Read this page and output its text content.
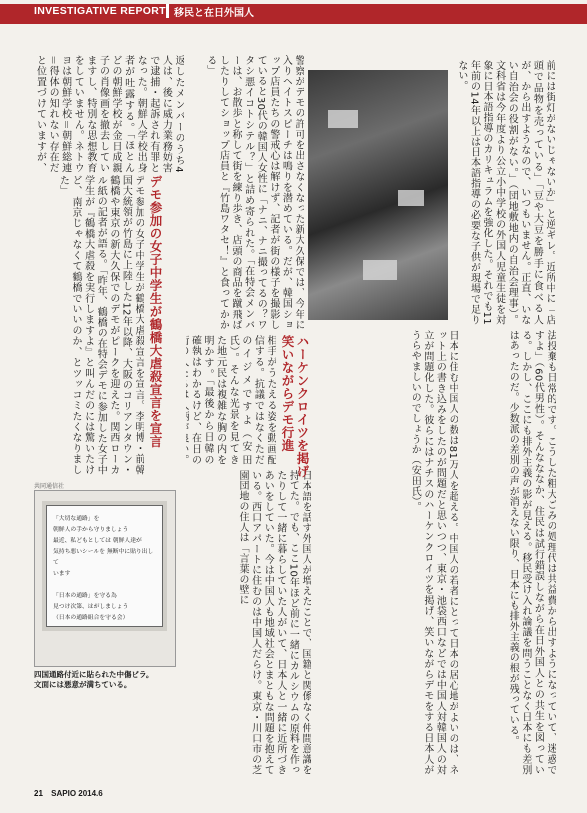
INVESTIGATIVE REPORT 移民と在日外国人
法投棄も日常的です。こうした粗大ごみの処理代は共益費から出すようになっていて、迷惑ですよ」（60代男性）。そんなななか、住民は試行錯誤しながら在日外国人との共生を図っている。しかし、ここにも排外主義の影が見える。移民受け入れ論議を問うことなく日本にも差別はあったのだ。少数派の差別の声が消えない限り、日本にも排外主義の根が残っている。
日本に住む中国人の数は81万人を超える。中国人の若者にとって日本の居心地がよいのは、ネット上の書き込みをしたのが問題だと思いつつ、東京・池袋西口などでは中国人対韓国人の対立が問題化した。彼らにはナチスのハーケンクロイツを掲げ、笑いながらデモをする日本人がうらやましいのでしょうか（安田氏）。
前には街灯がないじゃないか」と逆ギレ。近所中に「店頭で品物を売っている」「豆や大豆を勝手に食べる人が、から出すようなので、いつもいません。正直、いない自治会の役割がない。」（団地敷地内の自治会理事）。文科省は今年度より公立小中学校の外国人児童生徒を対象に日本語指導のカリキュラムを強化した。それでも11年前の14年以上は日本語指導の必要な子供が現場で足りない。
日本語を話す外国人が増えたことで、国籍と関係なく仲間意識を持てた。でも、ここ10年ほど前に一緒にカルシウムの原料を作ったりして一緒に暮らしていた人がいて、日本人と一緒に近所づきあいをしていた。今は中国人も地域社会とまともな問題を抱えている。西口アパートに住むのは中国人だらけ。東京・川口市の芝園団地の住人は「言葉の壁に
ハーケンクロイツを掲げ笑いながらデモ行進
相手がうたえる姿を動画配信する。抗議ではなくただのイジメですよ（安田氏）。そんな光景を見てきた地元民は複雑な胸の内を明かす。「最後から日韓の確執はわかるけど、在日の
警察がデモの許可を出さなくなった新大久保では、今年に入りヘイトスピーチは鳴りを潜めている。だが、韓国ショップ店員たちの警戒心は解けず、記者が街の様子を撮影していると30代の韓国人女性に「ナニ、ナニ撮ってるの？ワタシ悪イコトシテル？」と詰め寄られた。「在特会メンバーは、お散歩と称して街を練り歩き、店頭の商品を蹴飛ばしたりしてショップ店員と『竹島ワタセ！』と食ってかかる」
デモ参加の女子中学生が鶴橋大虐殺宣言を宣言
デモ参加の女子中学生が鶴橋大虐殺宣言を宣言。李明博・前韓国大統領が竹島に上陸した12年以降、大阪のコリアンタウン・鶴橋や東京の新大久保でのデモがピークを迎えた。関西ローカル紙の記者が語る。「昨年、鶴橋の在特会デモに参加した女子中学生が『鶴橋大虐殺を実行しますよ』と叫んだのには驚いたけど、南京じゃなくて鶴橋でいいのか、とツッコミたくなりました」
返したメンバーのうち4人は、後に威力業務妨害で逮捕・起訴され有罪となった。朝鮮人学校出身者が吐露する。「ほとんどの朝鮮学校が金日成親子の肖像画を撤去していますし、特別な思想教育をしていません。ネトウヨは朝鮮学校＝朝鮮総連＝得体の知れない存在だと位置づけていますが、
共同通信社
「大切な通路」を
朝鮮人の手から守りましょう
最近、私どもとしては 朝鮮人達が
気持ち悪いシールを 無断中に貼り出して
います

「日本の通路」を守る為
見つけ次第、はがしましょう
（日本の通路組合を守る会）
四国通路付近に貼られた中傷ビラ。
文面には悪意が満ちている。
21 SAPIO 2014.6
